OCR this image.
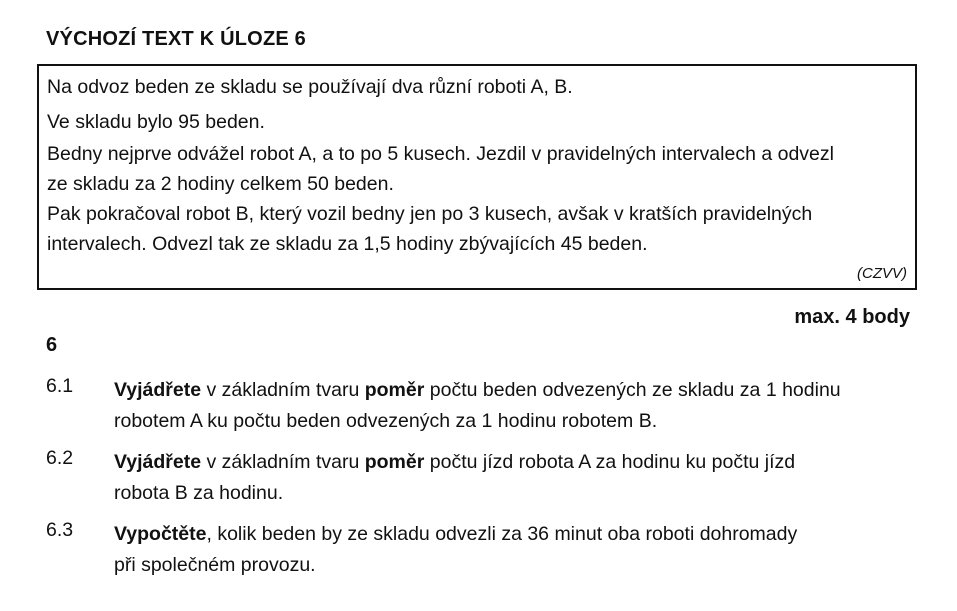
VÝCHOZÍ TEXT K ÚLOZE 6
Na odvoz beden ze skladu se používají dva různí roboti A, B.
Ve skladu bylo 95 beden.
Bedny nejprve odvážel robot A, a to po 5 kusech. Jezdil v pravidelných intervalech a odvezl
ze skladu za 2 hodiny celkem 50 beden.
Pak pokračoval robot B, který vozil bedny jen po 3 kusech, avšak v kratších pravidelných
intervalech. Odvezl tak ze skladu za 1,5 hodiny zbývajících 45 beden.
(CZVV)
max. 4 body
6
6.1 Vyjádřete v základním tvaru poměr počtu beden odvezených ze skladu za 1 hodinu
robotem A ku počtu beden odvezených za 1 hodinu robotem B.
6.2 Vyjádřete v základním tvaru poměr počtu jízd robota A za hodinu ku počtu jízd
robota B za hodinu.
6.3 Vypočtěte, kolik beden by ze skladu odvezli za 36 minut oba roboti dohromady
při společném provozu.
